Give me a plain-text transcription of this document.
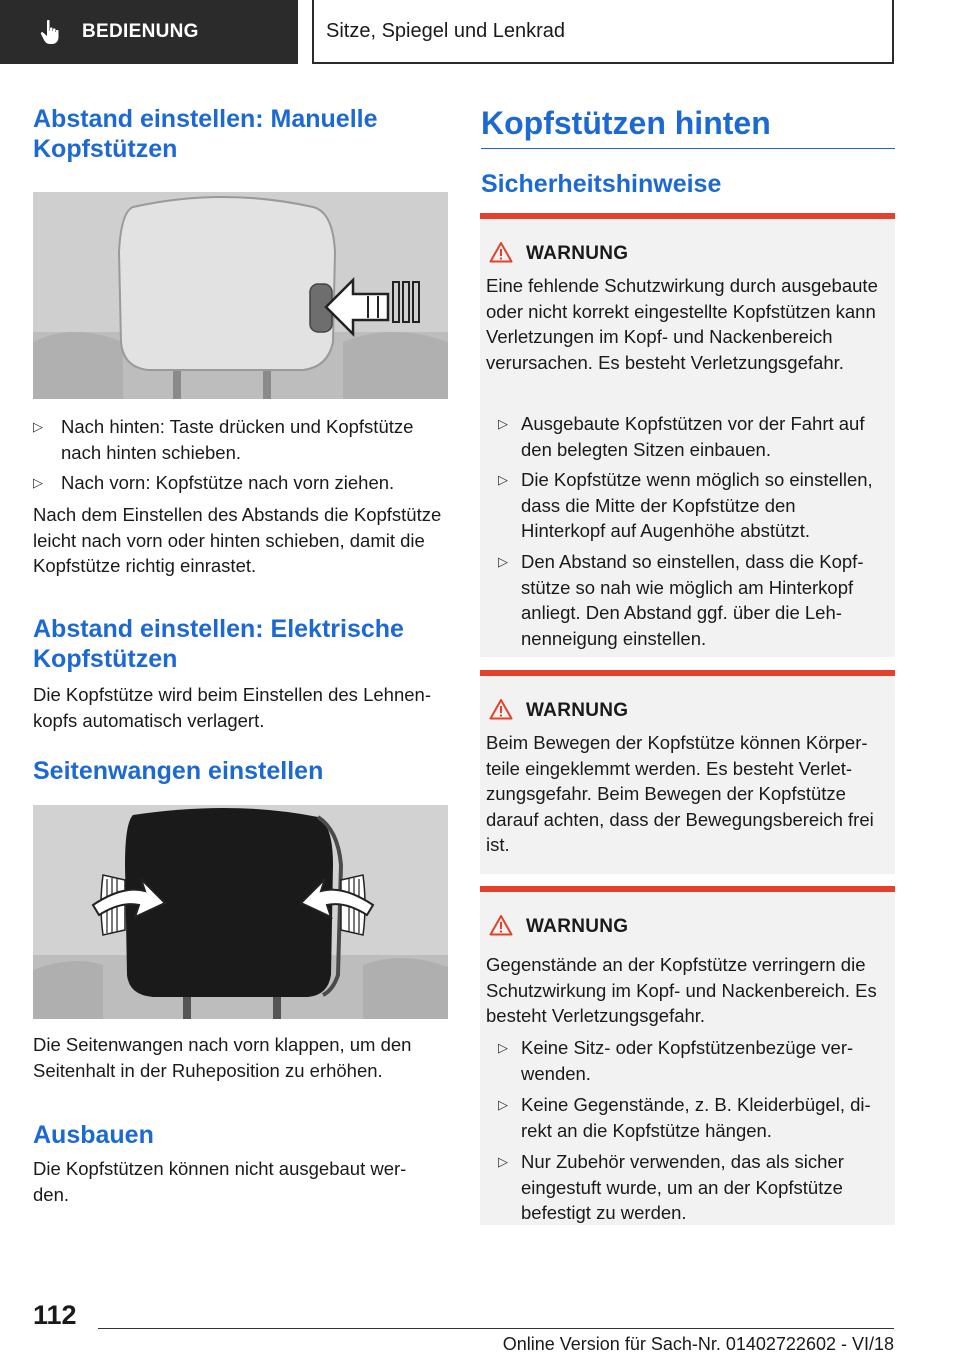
BEDIENUNG	Sitze, Spiegel und Lenkrad
Abstand einstellen: Manuelle Kopfstützen
▷ Nach hinten: Taste drücken und Kopfstütze nach hinten schieben.
▷ Nach vorn: Kopfstütze nach vorn ziehen.

Nach dem Einstellen des Abstands die Kopfstütze leicht nach vorn oder hinten schieben, damit die Kopfstütze richtig einrastet.

Abstand einstellen: Elektrische Kopfstützen

Die Kopfstütze wird beim Einstellen des Lehnenkopfs automatisch verlagert.

Seitenwangen einstellen

Die Seitenwangen nach vorn klappen, um den Seitenhalt in der Ruheposition zu erhöhen.

Ausbauen

Die Kopfstützen können nicht ausgebaut werden.

Kopfstützen hinten
Sicherheitshinweise
WARNUNG

Eine fehlende Schutzwirkung durch ausgebaute oder nicht korrekt eingestellte Kopfstützen kann Verletzungen im Kopf- und Nackenbereich verursachen. Es besteht Verletzungsgefahr.

▷ Ausgebaute Kopfstützen vor der Fahrt auf den belegten Sitzen einbauen.
▷ Die Kopfstütze wenn möglich so einstellen, dass die Mitte der Kopfstütze den Hinterkopf auf Augenhöhe abstützt.
▷ Den Abstand so einstellen, dass die Kopfstütze so nah wie möglich am Hinterkopf anliegt. Den Abstand ggf. über die Lehnenneigung einstellen.
WARNUNG

Beim Bewegen der Kopfstütze können Körperteile eingeklemmt werden. Es besteht Verletzungsgefahr. Beim Bewegen der Kopfstütze darauf achten, dass der Bewegungsbereich frei ist.

WARNUNG

Gegenstände an der Kopfstütze verringern die Schutzwirkung im Kopf- und Nackenbereich. Es besteht Verletzungsgefahr.

▷ Keine Sitz- oder Kopfstützenbezüge verwenden.
▷ Keine Gegenstände, z. B. Kleiderbügel, direkt an die Kopfstütze hängen.
▷ Nur Zubehör verwenden, das als sicher eingestuft wurde, um an der Kopfstütze befestigt zu werden.
112
Online Version für Sach-Nr. 01402722602 - VI/18
